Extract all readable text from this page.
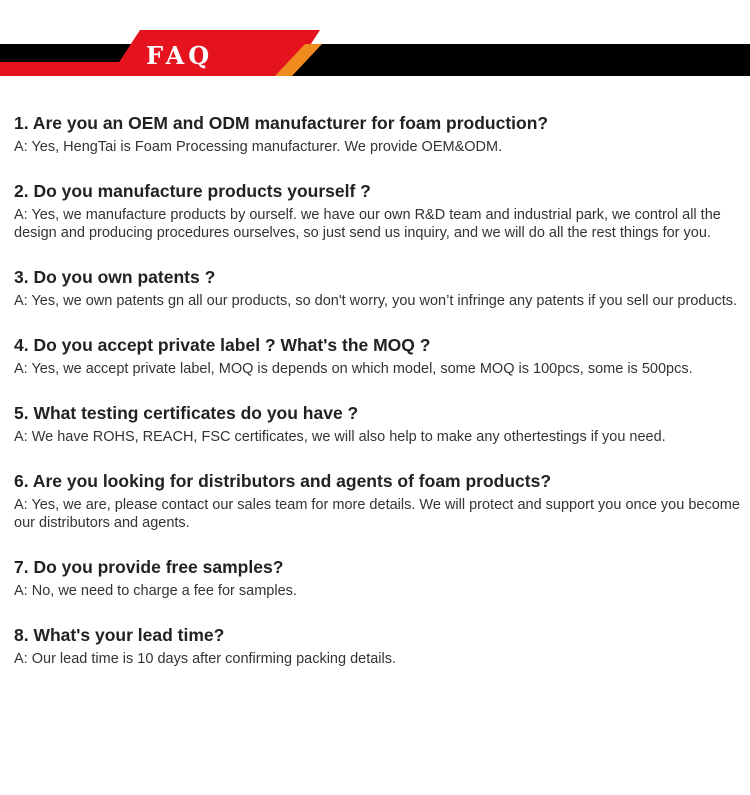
FAQ
1. Are you an OEM and ODM manufacturer for foam production?
A: Yes, HengTai is Foam Processing manufacturer. We provide OEM&ODM.
2. Do you manufacture products yourself ?
A: Yes, we manufacture products by ourself. we have our own R&D team and industrial park, we control all the design and producing procedures ourselves, so just send us inquiry, and we will do all the rest things for you.
3. Do you own patents ?
A: Yes, we own patents gn all our products, so don't worry, you won’t infringe any patents if you sell our products.
4. Do you accept private label ? What's the MOQ ?
A: Yes, we accept private label, MOQ is depends on which model, some MOQ is 100pcs, some is 500pcs.
5. What testing certificates do you have ?
A: We have ROHS, REACH, FSC certificates, we will also help to make any othertestings if you need.
6. Are you looking for distributors and agents of foam products?
A: Yes, we are, please contact our sales team for more details. We will protect and support you once you become our distributors and agents.
7. Do you provide free samples?
A: No, we need to charge a fee for samples.
8. What's your lead time?
A: Our lead time is 10 days after confirming packing details.
